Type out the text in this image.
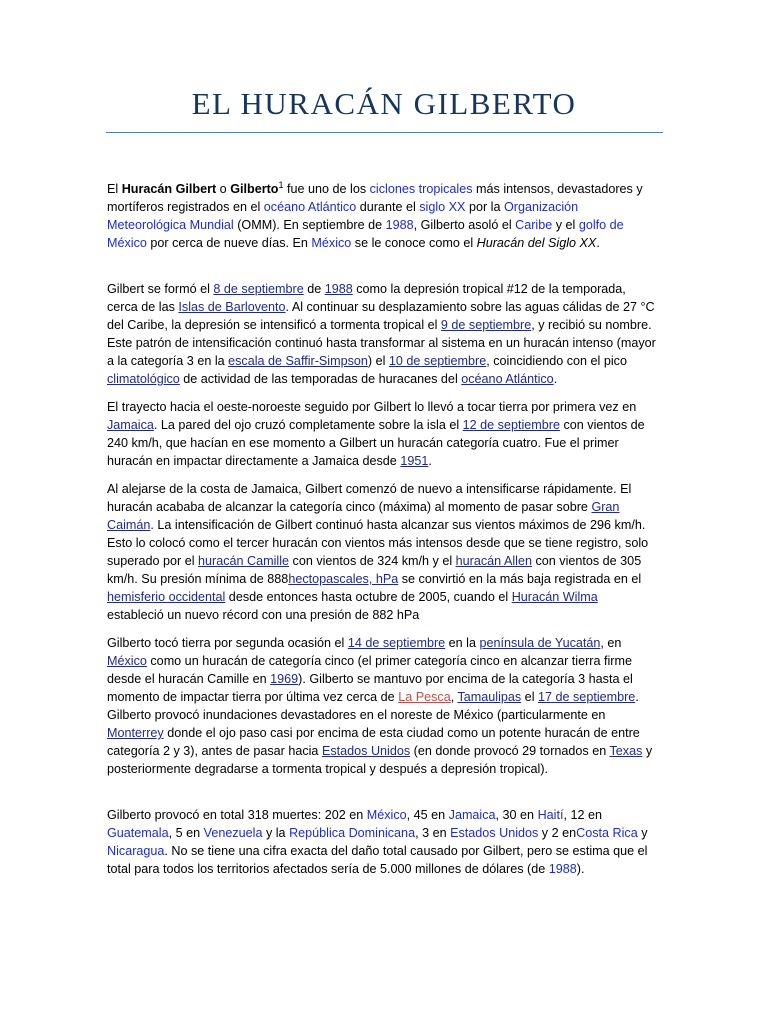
EL HURACÁN GILBERTO

El Huracán Gilbert o Gilberto$^1$ fue uno de los ciclones tropicales más intensos, devastadores y mortíferos registrados en el océano Atlántico durante el siglo XX por la Organización Meteorológica Mundial (OMM). En septiembre de 1988, Gilberto asoló el Caribe y el golfo de México por cerca de nueve días. En México se le conoce como el Huracán del Siglo XX.

Gilbert se formó el 8 de septiembre de 1988 como la depresión tropical #12 de la temporada, cerca de las Islas de Barlovento. Al continuar su desplazamiento sobre las aguas cálidas de 27 °C del Caribe, la depresión se intensificó a tormenta tropical el 9 de septiembre, y recibió su nombre. Este patrón de intensificación continuó hasta transformar al sistema en un huracán intenso (mayor a la categoría 3 en la escala de Saffir-Simpson) el 10 de septiembre, coincidiendo con el pico climatológico de actividad de las temporadas de huracanes del océano Atlántico.

El trayecto hacia el oeste-noroeste seguido por Gilbert lo llevó a tocar tierra por primera vez en Jamaica. La pared del ojo cruzó completamente sobre la isla el 12 de septiembre con vientos de 240 km/h, que hacían en ese momento a Gilbert un huracán categoría cuatro. Fue el primer huracán en impactar directamente a Jamaica desde 1951.

Al alejarse de la costa de Jamaica, Gilbert comenzó de nuevo a intensificarse rápidamente. El huracán acababa de alcanzar la categoría cinco (máxima) al momento de pasar sobre Gran Caimán. La intensificación de Gilbert continuó hasta alcanzar sus vientos máximos de 296 km/h. Esto lo colocó como el tercer huracán con vientos más intensos desde que se tiene registro, solo superado por el huracán Camille con vientos de 324 km/h y el huracán Allen con vientos de 305 km/h. Su presión mínima de 888hectopascales, hPa se convirtió en la más baja registrada en el hemisferio occidental desde entonces hasta octubre de 2005, cuando el Huracán Wilma estableció un nuevo récord con una presión de 882 hPa

Gilberto tocó tierra por segunda ocasión el 14 de septiembre en la península de Yucatán, en México como un huracán de categoría cinco (el primer categoría cinco en alcanzar tierra firme desde el huracán Camille en 1969). Gilberto se mantuvo por encima de la categoría 3 hasta el momento de impactar tierra por última vez cerca de La Pesca, Tamaulipas el 17 de septiembre. Gilberto provocó inundaciones devastadores en el noreste de México (particularmente en Monterrey donde el ojo paso casi por encima de esta ciudad como un potente huracán de entre categoría 2 y 3), antes de pasar hacia Estados Unidos (en donde provocó 29 tornados en Texas y posteriormente degradarse a tormenta tropical y después a depresión tropical).

Gilberto provocó en total 318 muertes: 202 en México, 45 en Jamaica, 30 en Haití, 12 en Guatemala, 5 en Venezuela y la República Dominicana, 3 en Estados Unidos y 2 enCosta Rica y Nicaragua. No se tiene una cifra exacta del daño total causado por Gilbert, pero se estima que el total para todos los territorios afectados sería de 5.000 millones de dólares (de 1988).
